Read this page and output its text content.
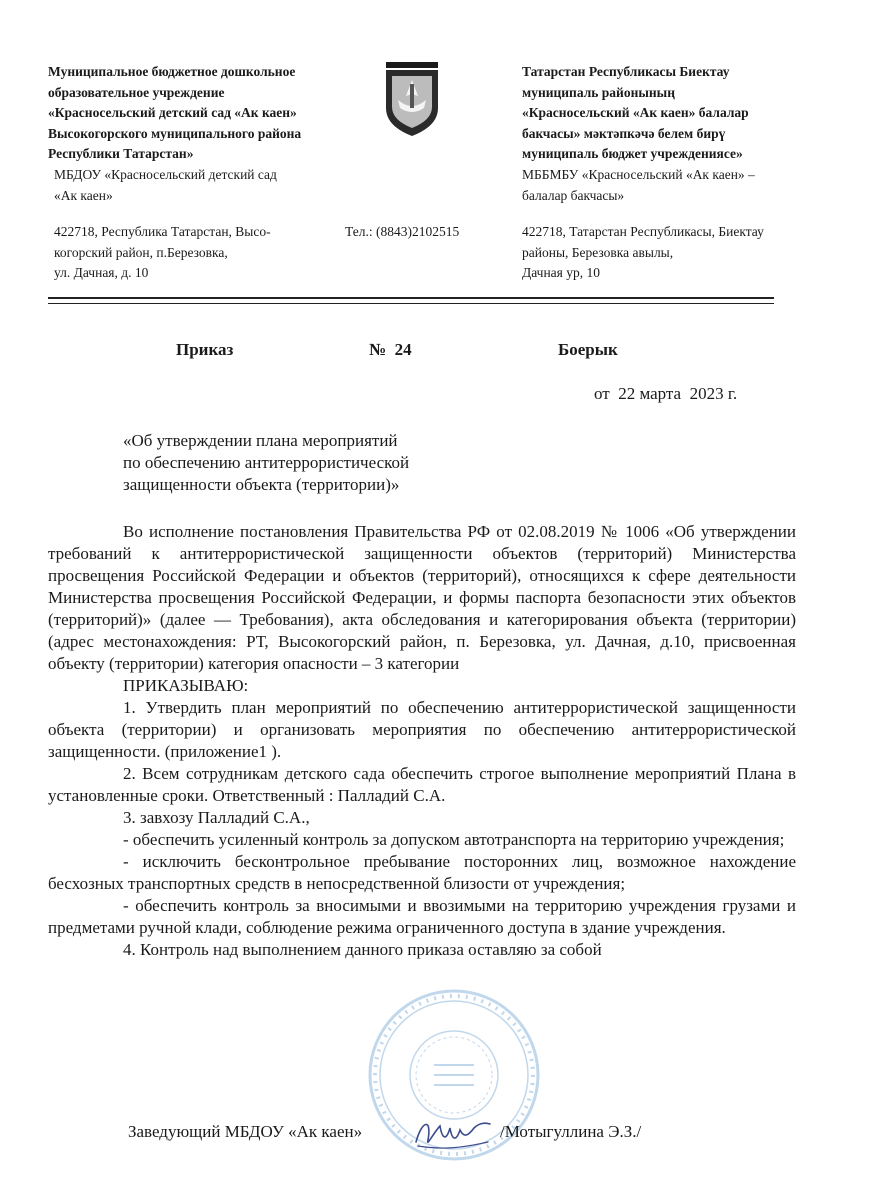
Муниципальное бюджетное дошкольное
образовательное учреждение
«Красносельский детский сад «Ак каен»
Высокогорского муниципального района
Республики Татарстан»
МБДОУ «Красносельский детский сад
«Ак каен»
422718, Республика Татарстан, Высо-
когорский район, п.Березовка,
ул. Дачная, д. 10
Тел.: (8843)2102515
Татарстан Республикасы Биектау
муниципаль районының
«Красносельский «Ак каен» балалар
бакчасы» мәктәпкәчә белем бирү
муниципаль бюджет учреждениясе»
МББМБУ «Красносельский «Ак каен» –
балалар бакчасы»
422718, Татарстан Республикасы, Биектау
районы, Березовка авылы,
Дачная ур, 10
Приказ	№  24	Боерык
от  22 марта  2023 г.
«Об утверждении плана мероприятий
по обеспечению антитеррористической
защищенности объекта (территории)»

Во исполнение постановления Правительства РФ от 02.08.2019 № 1006 «Об утверждении требований к антитеррористической защищенности объектов (территорий) Министерства просвещения Российской Федерации и объектов (территорий), относящихся к сфере деятельности Министерства просвещения Российской Федерации, и формы паспорта безопасности этих объектов (территорий)» (далее — Требования), акта обследования и категорирования объекта (территории) (адрес местонахождения: РТ, Высокогорский район, п. Березовка, ул. Дачная, д.10, присвоенная объекту (территории) категория опасности – 3 категории

ПРИКАЗЫВАЮ:

1. Утвердить план мероприятий по обеспечению антитеррористической защищенности объекта (территории) и организовать мероприятия по обеспечению антитеррористической защищенности. (приложение1 ).

2. Всем сотрудникам детского сада обеспечить строгое выполнение мероприятий Плана в установленные сроки. Ответственный : Палладий С.А.

3. завхозу Палладий С.А.,

- обеспечить усиленный контроль за допуском автотранспорта на территорию учреждения;

- исключить бесконтрольное пребывание посторонних лиц, возможное нахождение бесхозных транспортных средств в непосредственной близости от учреждения;

- обеспечить контроль за вносимыми и ввозимыми на территорию учреждения грузами и предметами ручной клади, соблюдение режима ограниченного доступа в здание учреждения.

4. Контроль над выполнением данного приказа оставляю за собой

Заведующий МБДОУ «Ак каен»	/Мотыгуллина Э.З./
